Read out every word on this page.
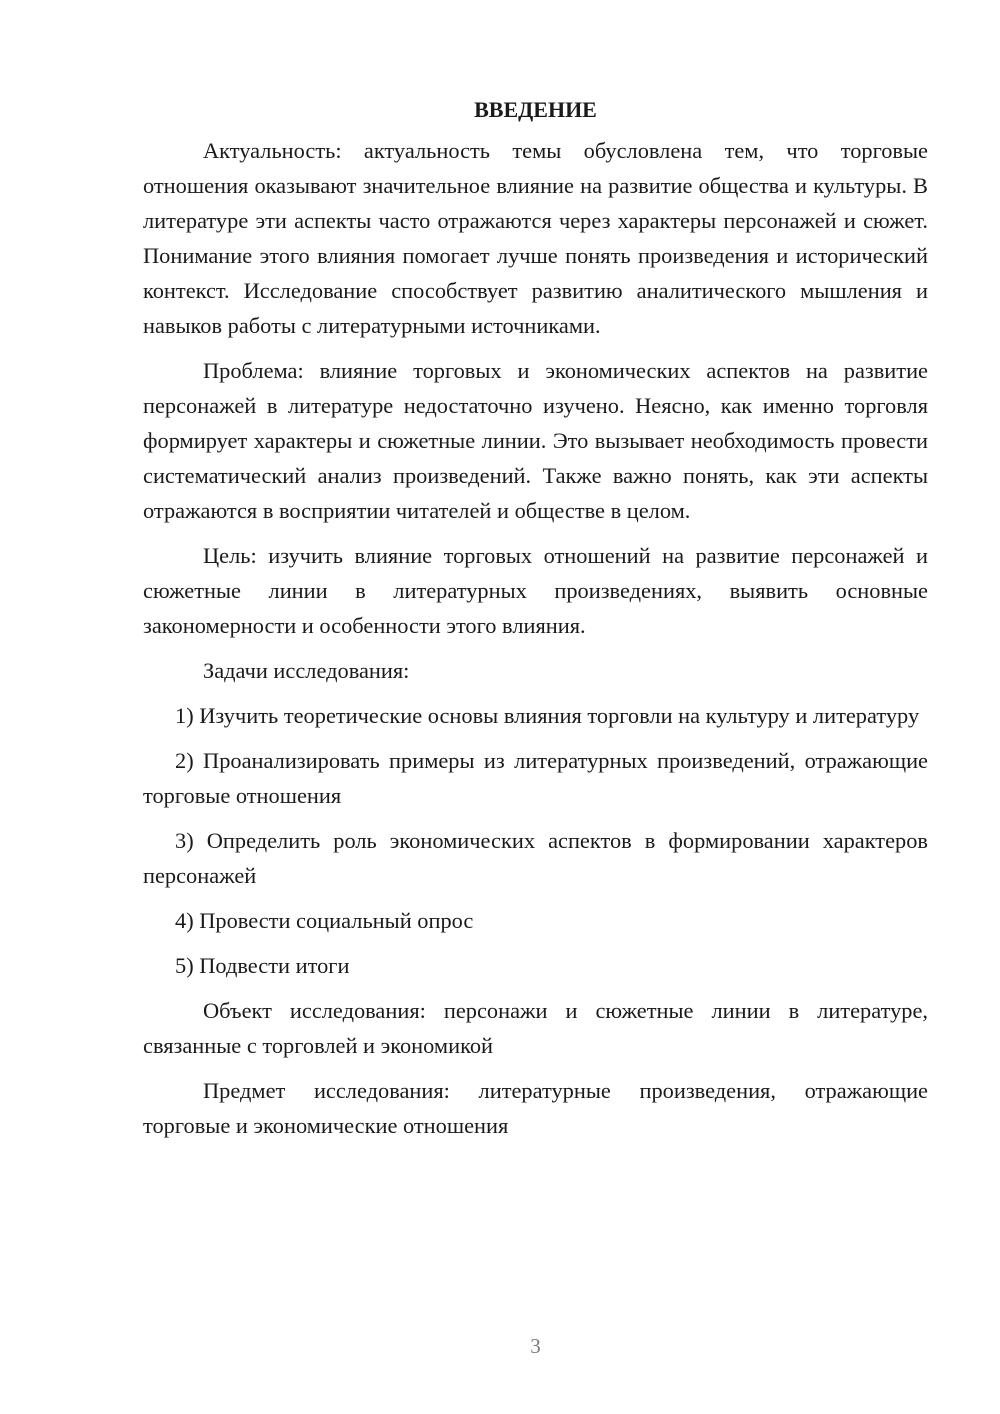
ВВЕДЕНИЕ

Актуальность: актуальность темы обусловлена тем, что торговые отношения оказывают значительное влияние на развитие общества и культуры. В литературе эти аспекты часто отражаются через характеры персонажей и сюжет. Понимание этого влияния помогает лучше понять произведения и исторический контекст. Исследование способствует развитию аналитического мышления и навыков работы с литературными источниками.

Проблема: влияние торговых и экономических аспектов на развитие персонажей в литературе недостаточно изучено. Неясно, как именно торговля формирует характеры и сюжетные линии. Это вызывает необходимость провести систематический анализ произведений. Также важно понять, как эти аспекты отражаются в восприятии читателей и обществе в целом.

Цель: изучить влияние торговых отношений на развитие персонажей и сюжетные линии в литературных произведениях, выявить основные закономерности и особенности этого влияния.

Задачи исследования:

1) Изучить теоретические основы влияния торговли на культуру и литературу

2) Проанализировать примеры из литературных произведений, отражающие торговые отношения

3) Определить роль экономических аспектов в формировании характеров персонажей

4) Провести социальный опрос

5) Подвести итоги

Объект исследования: персонажи и сюжетные линии в литературе, связанные с торговлей и экономикой

Предмет исследования: литературные произведения, отражающие торговые и экономические отношения

3
